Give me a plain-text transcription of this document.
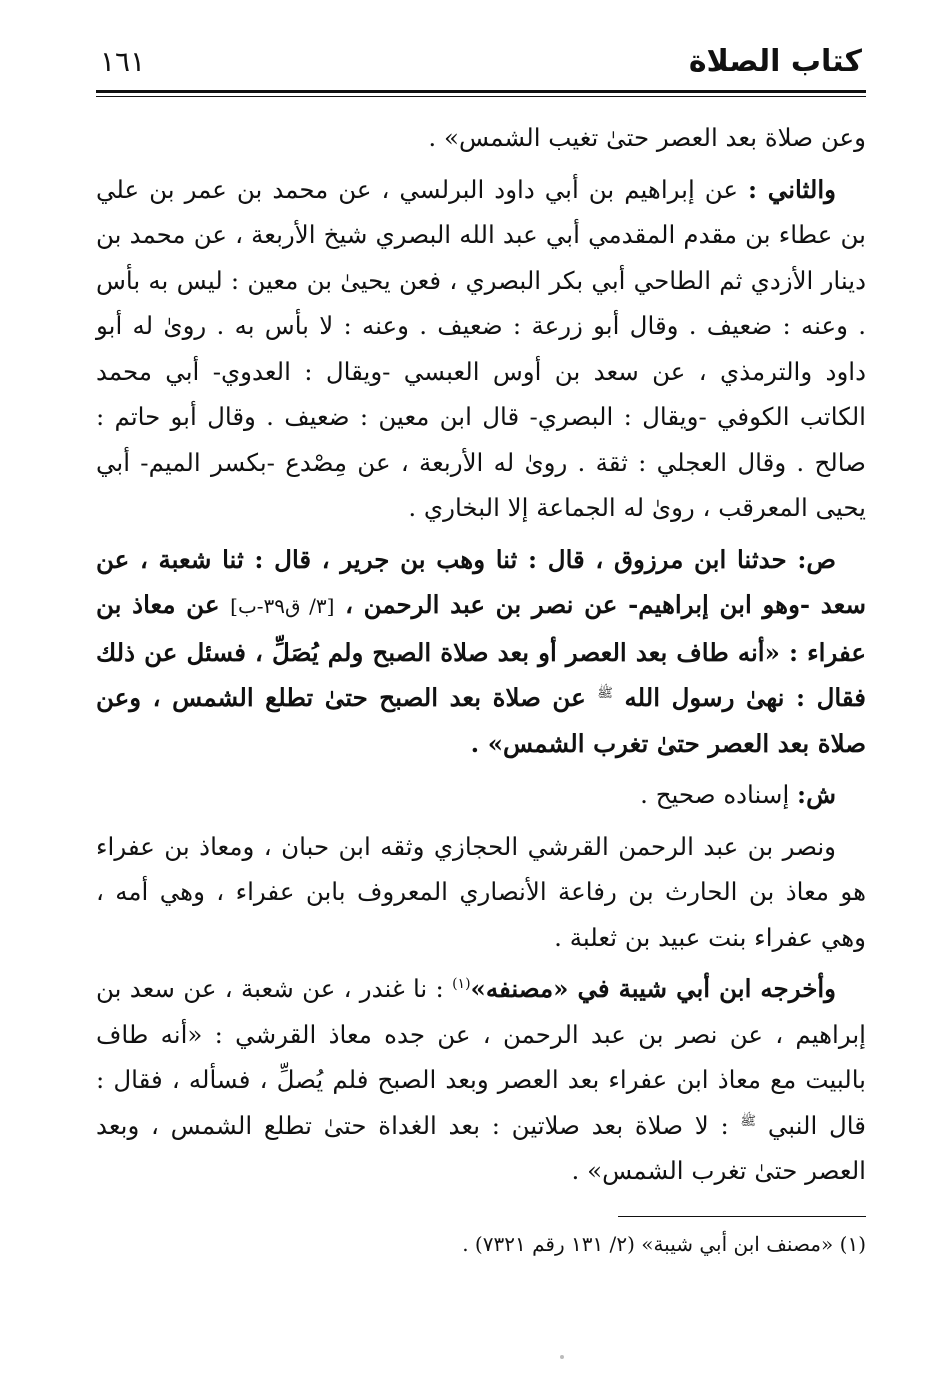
كتاب الصلاة
١٦١

وعن صلاة بعد العصر حتىٰ تغيب الشمس» .

والثاني : عن إبراهيم بن أبي داود البرلسي ، عن محمد بن عمر بن علي بن عطاء بن مقدم المقدمي أبي عبد الله البصري شيخ الأربعة ، عن محمد بن دينار الأزدي ثم الطاحي أبي بكر البصري ، فعن يحيىٰ بن معين : ليس به بأس . وعنه : ضعيف . وقال أبو زرعة : ضعيف . وعنه : لا بأس به . روىٰ له أبو داود والترمذي ، عن سعد بن أوس العبسي -ويقال : العدوي- أبي محمد الكاتب الكوفي -ويقال : البصري- قال ابن معين : ضعيف . وقال أبو حاتم : صالح . وقال العجلي : ثقة . روىٰ له الأربعة ، عن مِصْدع -بكسر الميم- أبي يحيى المعرقب ، روىٰ له الجماعة إلا البخاري .

ص: حدثنا ابن مرزوق ، قال : ثنا وهب بن جرير ، قال : ثنا شعبة ، عن سعد -وهو ابن إبراهيم- عن نصر بن عبد الرحمن ، [٣/ ق٣٩-ب] عن معاذ بن عفراء : «أنه طاف بعد العصر أو بعد صلاة الصبح ولم يُصَلِّ ، فسئل عن ذلك فقال : نهىٰ رسول الله $^ﷺ$ عن صلاة بعد الصبح حتىٰ تطلع الشمس ، وعن صلاة بعد العصر حتىٰ تغرب الشمس» .

ش: إسناده صحيح .

ونصر بن عبد الرحمن القرشي الحجازي وثقه ابن حبان ، ومعاذ بن عفراء هو معاذ بن الحارث بن رفاعة الأنصاري المعروف بابن عفراء ، وهي أمه ، وهي عفراء بنت عبيد بن ثعلبة .

وأخرجه ابن أبي شيبة في «مصنفه»$^{(١)}$ : نا غندر ، عن شعبة ، عن سعد بن إبراهيم ، عن نصر بن عبد الرحمن ، عن جده معاذ القرشي : «أنه طاف بالبيت مع معاذ ابن عفراء بعد العصر وبعد الصبح فلم يُصلِّ ، فسأله ، فقال : قال النبي $^ﷺ$ : لا صلاة بعد صلاتين : بعد الغداة حتىٰ تطلع الشمس ، وبعد العصر حتىٰ تغرب الشمس» .

(١) «مصنف ابن أبي شيبة» (٢/ ١٣١ رقم ٧٣٢١) .
